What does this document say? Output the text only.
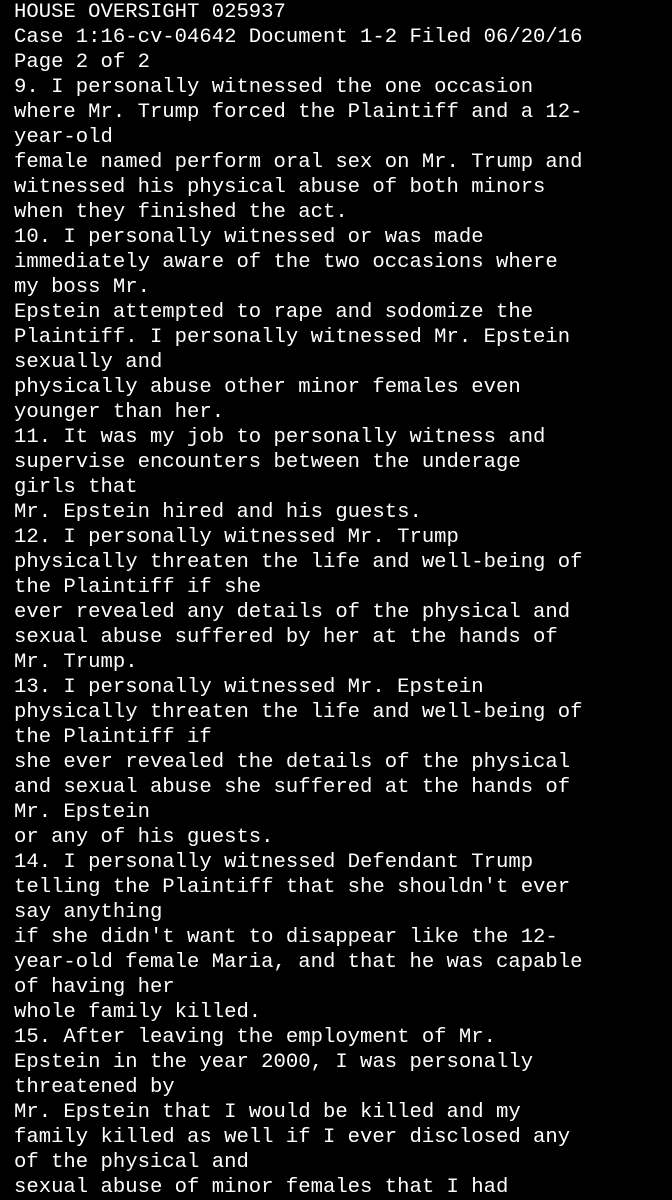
HOUSE OVERSIGHT 025937
Case 1:16-cv-04642 Document 1-2 Filed 06/20/16
Page 2 of 2
9. I personally witnessed the one occasion
where Mr. Trump forced the Plaintiff and a 12-
year-old
female named perform oral sex on Mr. Trump and
witnessed his physical abuse of both minors
when they finished the act.
10. I personally witnessed or was made
immediately aware of the two occasions where
my boss Mr.
Epstein attempted to rape and sodomize the
Plaintiff. I personally witnessed Mr. Epstein
sexually and
physically abuse other minor females even
younger than her.
11. It was my job to personally witness and
supervise encounters between the underage
girls that
Mr. Epstein hired and his guests.
12. I personally witnessed Mr. Trump
physically threaten the life and well-being of
the Plaintiff if she
ever revealed any details of the physical and
sexual abuse suffered by her at the hands of
Mr. Trump.
13. I personally witnessed Mr. Epstein
physically threaten the life and well-being of
the Plaintiff if
she ever revealed the details of the physical
and sexual abuse she suffered at the hands of
Mr. Epstein
or any of his guests.
14. I personally witnessed Defendant Trump
telling the Plaintiff that she shouldn't ever
say anything
if she didn't want to disappear like the 12-
year-old female Maria, and that he was capable
of having her
whole family killed.
15. After leaving the employment of Mr.
Epstein in the year 2000, I was personally
threatened by
Mr. Epstein that I would be killed and my
family killed as well if I ever disclosed any
of the physical and
sexual abuse of minor females that I had
